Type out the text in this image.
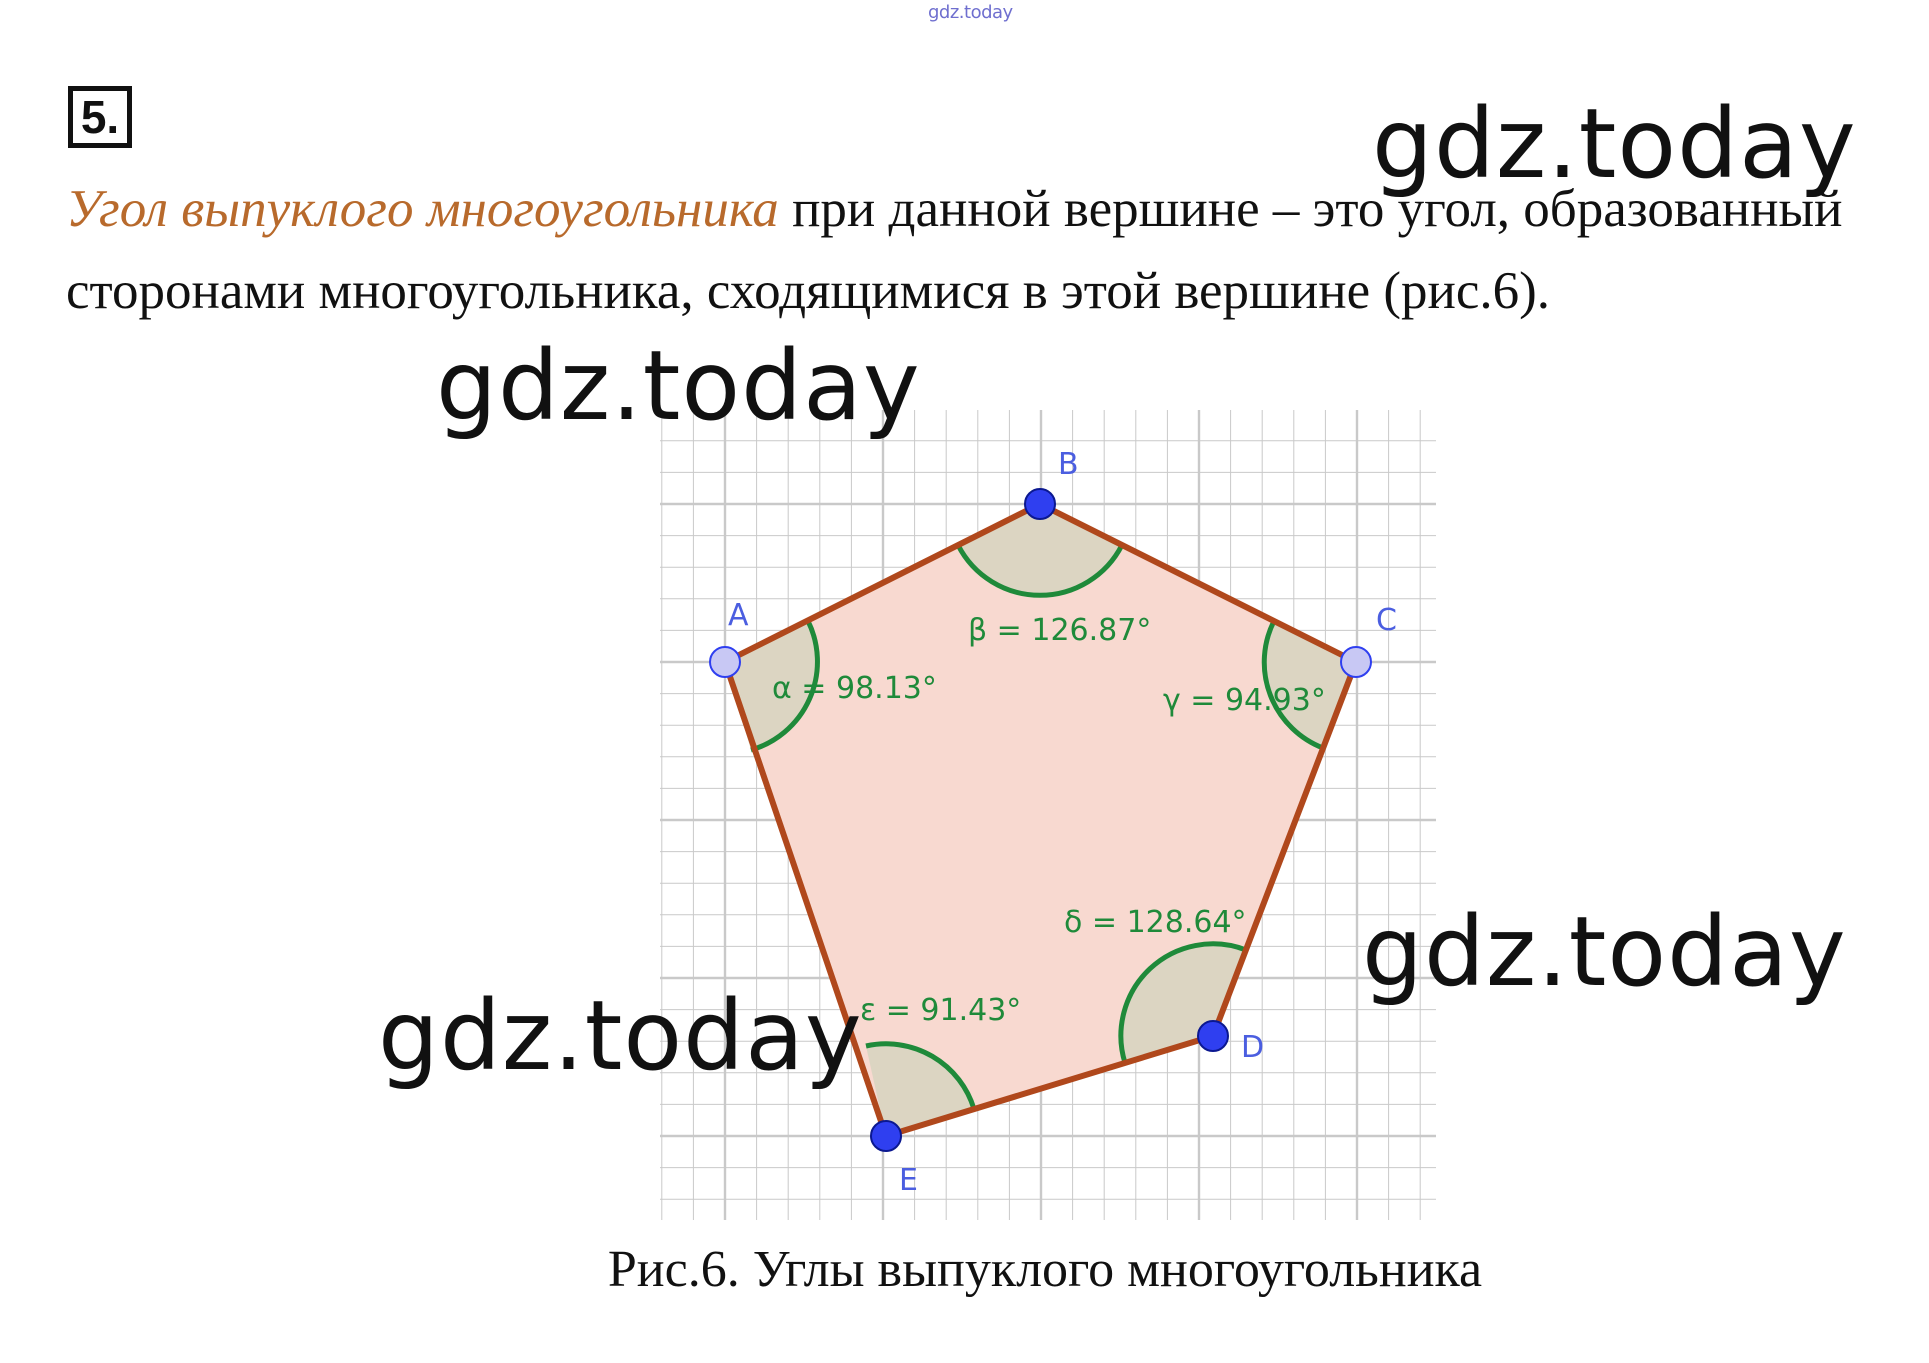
gdz.today
5.

Угол выпуклого многоугольника при данной вершине – это угол, образованный сторонами многоугольника, сходящимися в этой вершине (рис.6).

α = 98.13°
β = 126.87°
γ = 94.93°
δ = 128.64°
ε = 91.43°
A
B
C
D
E
gdz.today
gdz.today
gdz.today
gdz.today
Рис.6. Углы выпуклого многоугольника
